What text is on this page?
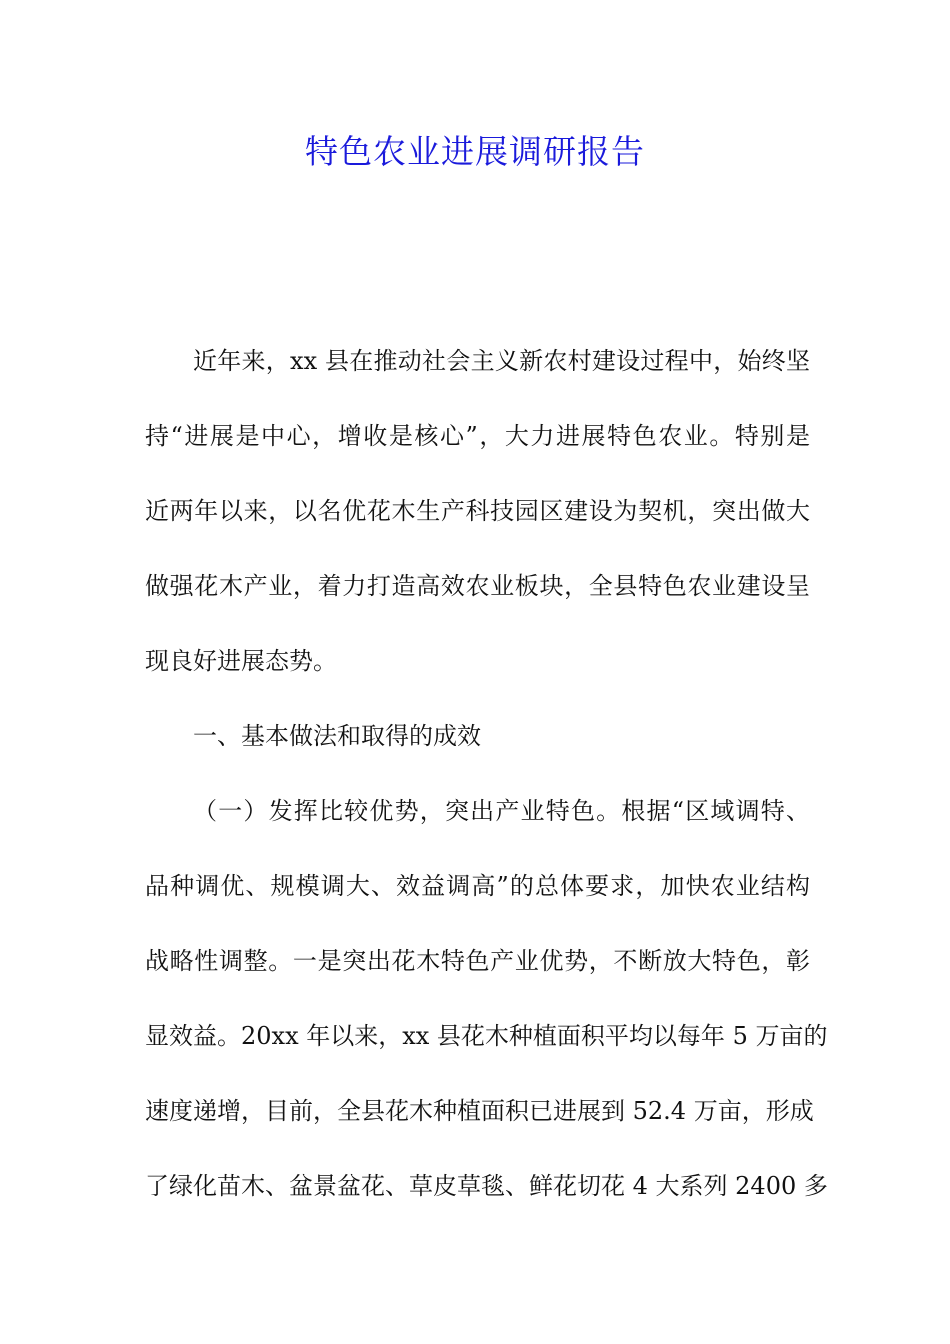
特色农业进展调研报告
近年来，xx 县在推动社会主义新农村建设过程中，始终坚
持“进展是中心，增收是核心”，大力进展特色农业。特别是
近两年以来，以名优花木生产科技园区建设为契机，突出做大
做强花木产业，着力打造高效农业板块，全县特色农业建设呈
现良好进展态势。
一、基本做法和取得的成效
（一）发挥比较优势，突出产业特色。根据“区域调特、
品种调优、规模调大、效益调高”的总体要求，加快农业结构
战略性调整。一是突出花木特色产业优势，不断放大特色，彰
显效益。20xx 年以来，xx 县花木种植面积平均以每年 5 万亩的
速度递增，目前，全县花木种植面积已进展到 52.4 万亩，形成
了绿化苗木、盆景盆花、草皮草毯、鲜花切花 4 大系列 2400 多
